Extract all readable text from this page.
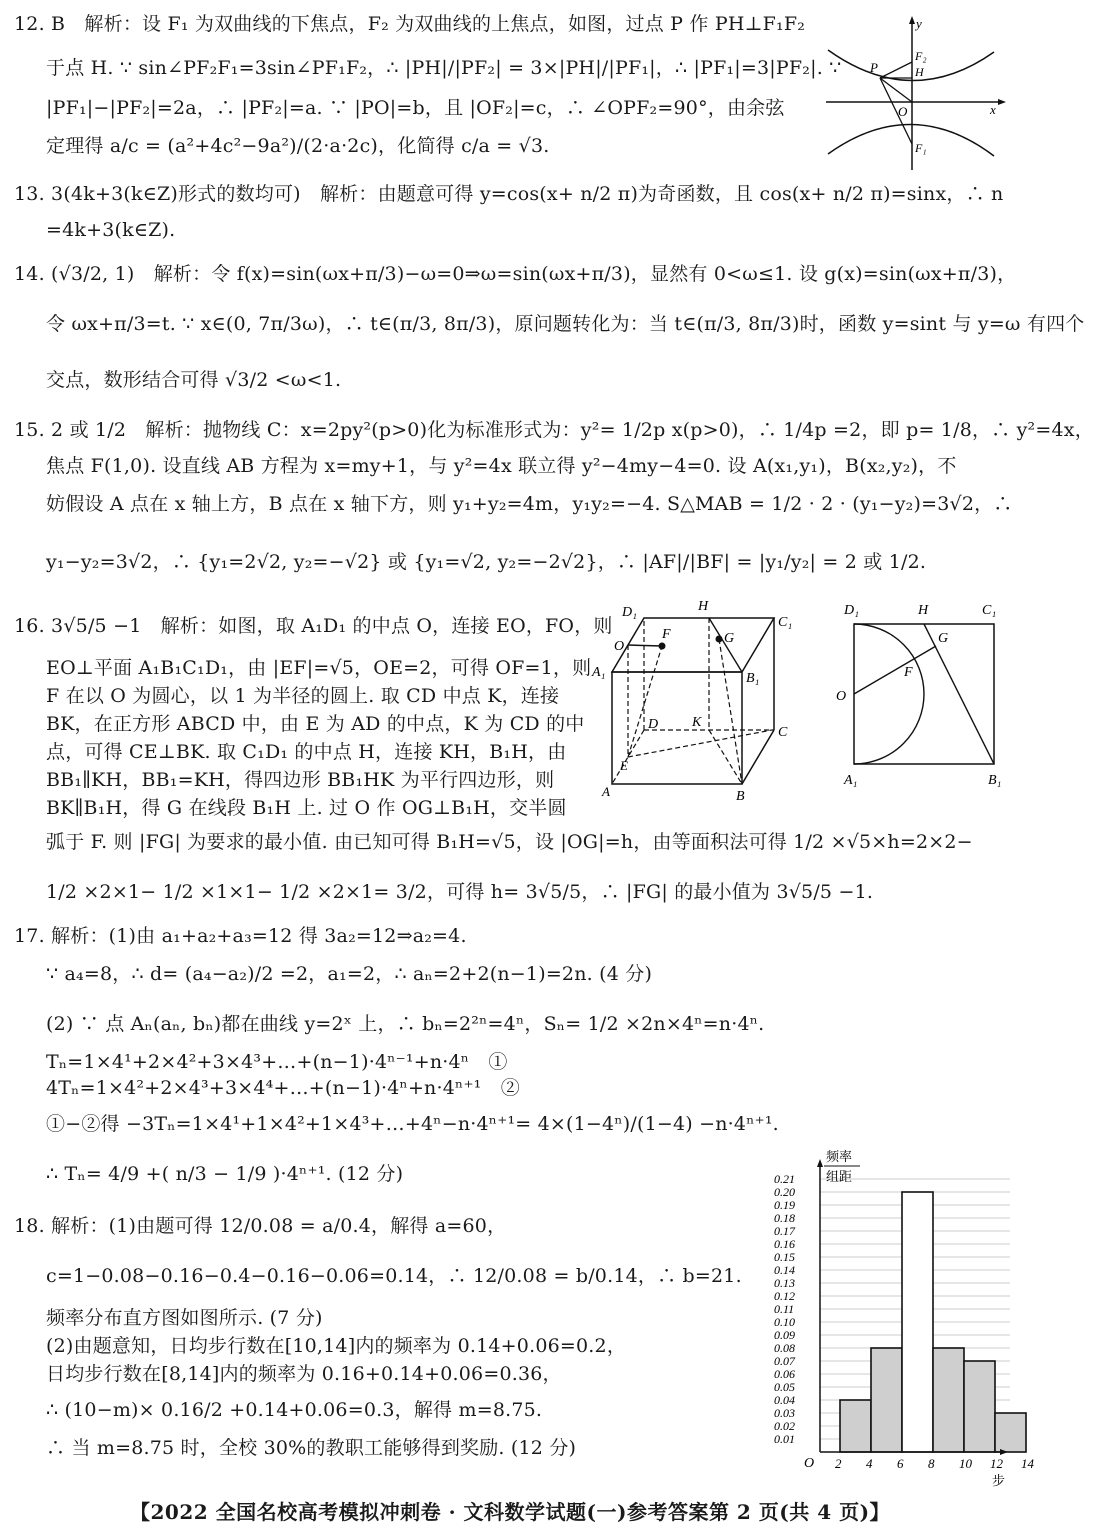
12. B　解析：设 F₁ 为双曲线的下焦点，F₂ 为双曲线的上焦点，如图，过点 P 作 PH⊥F₁F₂
于点 H. ∵ sin∠PF₂F₁=3sin∠PF₁F₂，∴ |PH|/|PF₂| = 3×|PH|/|PF₁|，∴ |PF₁|=3|PF₂|. ∵
|PF₁|−|PF₂|=2a，∴ |PF₂|=a. ∵ |PO|=b，且 |OF₂|=c，∴ ∠OPF₂=90°，由余弦
定理得 a/c = (a²+4c²−9a²)/(2·a·2c)，化简得 c/a = √3.
y
x
P
F₂
H
O
F₁
13. 3(4k+3(k∈Z)形式的数均可)　解析：由题意可得 y=cos(x+ n/2 π)为奇函数，且 cos(x+ n/2 π)=sinx，∴ n
=4k+3(k∈Z).
14. (√3/2, 1)　解析：令 f(x)=sin(ωx+π/3)−ω=0⇒ω=sin(ωx+π/3)，显然有 0<ω≤1. 设 g(x)=sin(ωx+π/3)，
令 ωx+π/3=t. ∵ x∈(0, 7π/3ω)，∴ t∈(π/3, 8π/3)，原问题转化为：当 t∈(π/3, 8π/3)时，函数 y=sint 与 y=ω 有四个
交点，数形结合可得 √3/2 <ω<1.
15. 2 或 1/2　解析：抛物线 C：x=2py²(p>0)化为标准形式为：y²= 1/2p x(p>0)，∴ 1/4p =2，即 p= 1/8，∴ y²=4x，
焦点 F(1,0). 设直线 AB 方程为 x=my+1，与 y²=4x 联立得 y²−4my−4=0. 设 A(x₁,y₁)，B(x₂,y₂)，不
妨假设 A 点在 x 轴上方，B 点在 x 轴下方，则 y₁+y₂=4m，y₁y₂=−4. S△MAB = 1/2 · 2 · (y₁−y₂)=3√2，∴
y₁−y₂=3√2，∴ {y₁=2√2, y₂=−√2} 或 {y₁=√2, y₂=−2√2}，∴ |AF|/|BF| = |y₁/y₂| = 2 或 1/2.
16. 3√5/5 −1　解析：如图，取 A₁D₁ 的中点 O，连接 EO，FO，则
EO⊥平面 A₁B₁C₁D₁，由 |EF|=√5，OE=2，可得 OF=1，则
F 在以 O 为圆心，以 1 为半径的圆上. 取 CD 中点 K，连接
BK，在正方形 ABCD 中，由 E 为 AD 的中点，K 为 CD 的中
点，可得 CE⊥BK. 取 C₁D₁ 的中点 H，连接 KH，B₁H，由
BB₁∥KH，BB₁=KH，得四边形 BB₁HK 为平行四边形，则
BK∥B₁H，得 G 在线段 B₁H 上. 过 O 作 OG⊥B₁H，交半圆
弧于 F. 则 |FG| 为要求的最小值. 由已知可得 B₁H=√5，设 |OG|=h，由等面积法可得 1/2 ×√5×h=2×2−
1/2 ×2×1− 1/2 ×1×1− 1/2 ×2×1= 3/2，可得 h= 3√5/5，∴ |FG| 的最小值为 3√5/5 −1.
D₁	H
C₁
O
F	G
A₁	B₁
D K
C
E
A	B
D₁	H	C₁
G
F
O
A₁	B₁
17. 解析：(1)由 a₁+a₂+a₃=12 得 3a₂=12⇒a₂=4.
∵ a₄=8，∴ d= (a₄−a₂)/2 =2，a₁=2，∴ aₙ=2+2(n−1)=2n. (4 分)
(2) ∵ 点 Aₙ(aₙ, bₙ)都在曲线 y=2ˣ 上，∴ bₙ=2²ⁿ=4ⁿ，Sₙ= 1/2 ×2n×4ⁿ=n·4ⁿ.
Tₙ=1×4¹+2×4²+3×4³+…+(n−1)·4ⁿ⁻¹+n·4ⁿ　①
4Tₙ=1×4²+2×4³+3×4⁴+…+(n−1)·4ⁿ+n·4ⁿ⁺¹　②
①−②得 −3Tₙ=1×4¹+1×4²+1×4³+…+4ⁿ−n·4ⁿ⁺¹= 4×(1−4ⁿ)/(1−4) −n·4ⁿ⁺¹.
∴ Tₙ= 4/9 +( n/3 − 1/9 )·4ⁿ⁺¹. (12 分)
18. 解析：(1)由题可得 12/0.08 = a/0.4，解得 a=60，
c=1−0.08−0.16−0.4−0.16−0.06=0.14，∴ 12/0.08 = b/0.14，∴ b=21.
频率分布直方图如图所示. (7 分)
(2)由题意知，日均步行数在[10,14]内的频率为 0.14+0.06=0.2，
日均步行数在[8,14]内的频率为 0.16+0.14+0.06=0.36，
∴ (10−m)× 0.16/2 +0.14+0.06=0.3，解得 m=8.75.
∴ 当 m=8.75 时，全校 30%的教职工能够得到奖励. (12 分)	0.01
0.02
0.03
0.04
0.05
0.06
0.07
0.08
0.09
0.10
0.11
0.12
0.13
0.14
0.15
0.16
0.17
0.18
0.19
0.20
0.21
2 4 6 8 10 12 14
频率
组距
O
步
【2022 全国名校高考模拟冲刺卷 · 文科数学试题(一)参考答案第 2 页(共 4 页)】
